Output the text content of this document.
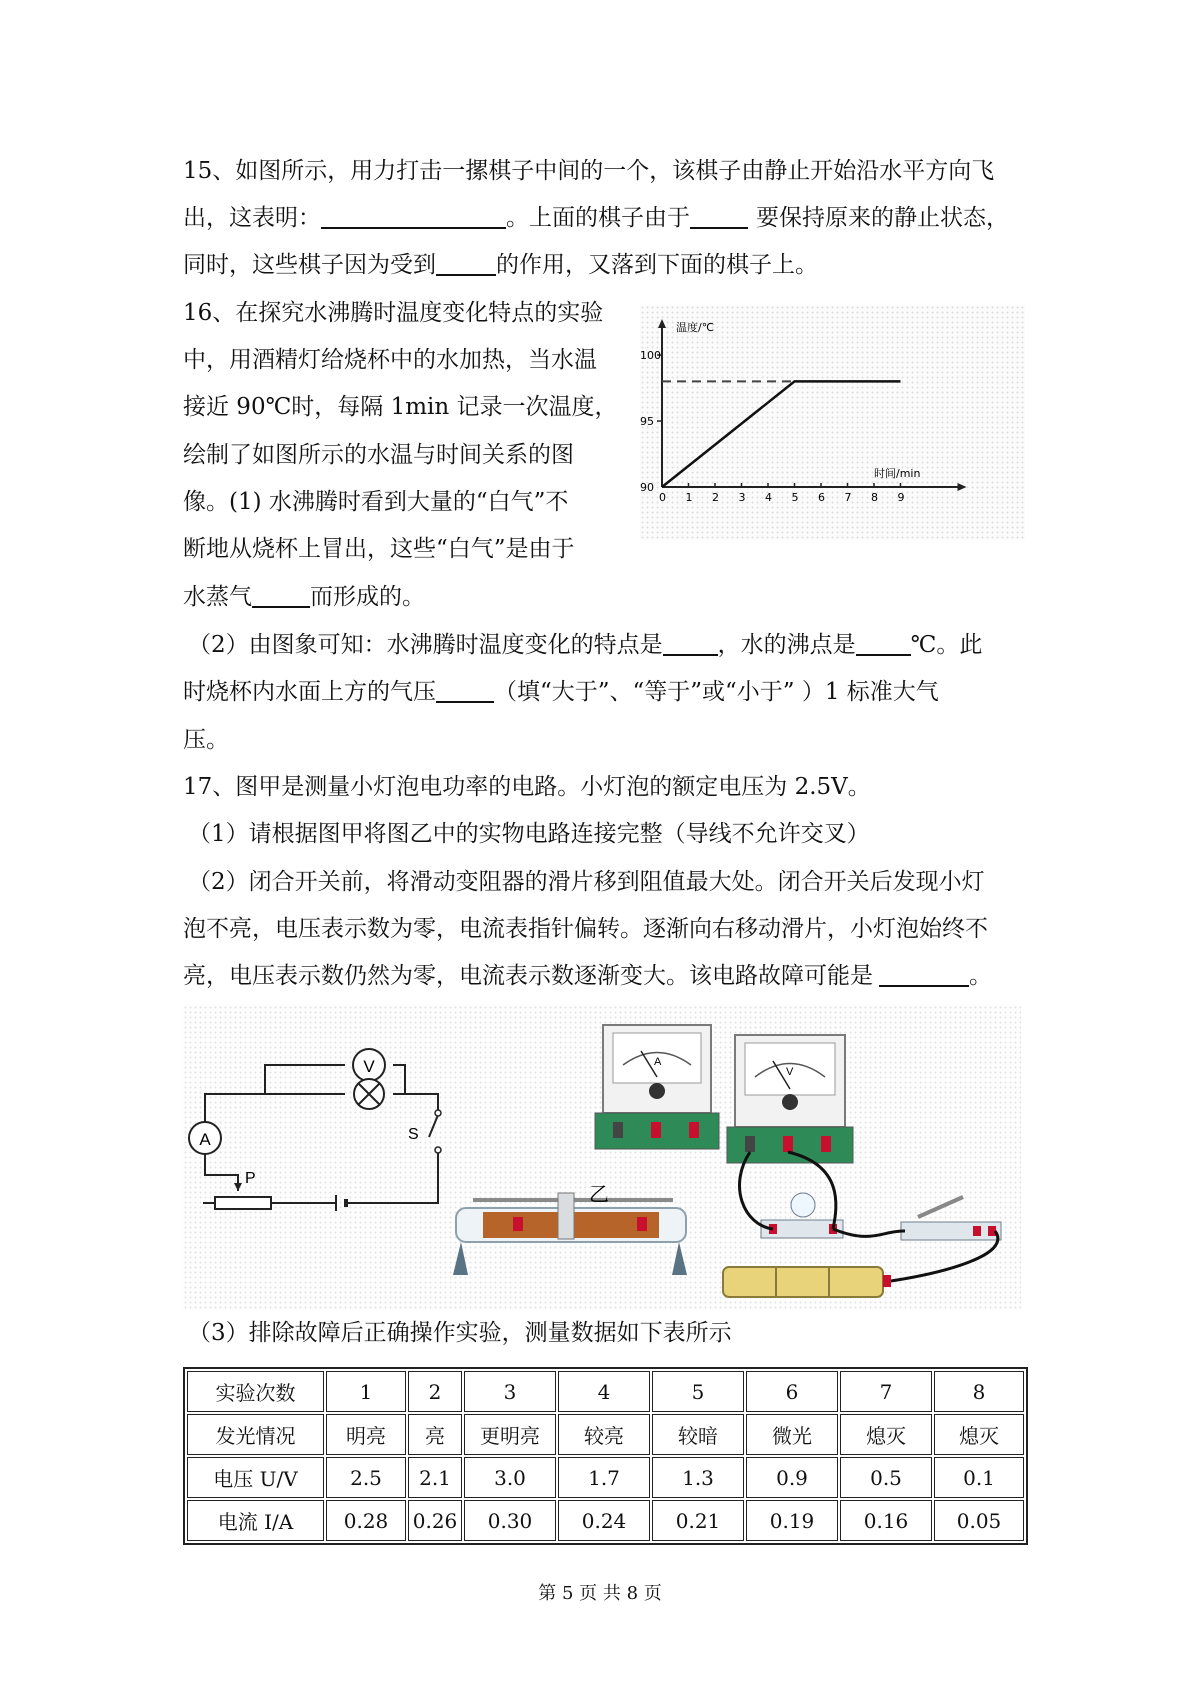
15、如图所示，用力打击一摞棋子中间的一个，该棋子由静止开始沿水平方向飞
出，这表明：	。上面的棋子由于	要保持原来的静止状态，
同时，这些棋子因为受到	的作用，又落到下面的棋子上。
16、在探究水沸腾时温度变化特点的实验
中，用酒精灯给烧杯中的水加热，当水温
接近 90℃时，每隔 1min 记录一次温度，
绘制了如图所示的水温与时间关系的图
像。(1) 水沸腾时看到大量的“白气”不
断地从烧杯上冒出，这些“白气”是由于
水蒸气	而形成的。
温度/℃
时间/min
0 1 2 3 4 5 6 7 8 9
90
95
100
（2）由图象可知：水沸腾时温度变化的特点是 ，水的沸点是 ℃。此
时烧杯内水面上方的气压	（填“大于”、“等于”或“小于” ）1 标准大气
压。
17、图甲是测量小灯泡电功率的电路。小灯泡的额定电压为 2.5V。
（1）请根据图甲将图乙中的实物电路连接完整（导线不允许交叉）
（2）闭合开关前，将滑动变阻器的滑片移到阻值最大处。闭合开关后发现小灯
泡不亮，电压表示数为零，电流表指针偏转。逐渐向右移动滑片，小灯泡始终不
亮，电压表示数仍然为零，电流表示数逐渐变大。该电路故障可能是	。
V
A	S
P
乙
A
V
（3）排除故障后正确操作实验，测量数据如下表所示
实验次数	1	2	3	4	5	6	7	8
发光情况	明亮	亮	更明亮	较亮	较暗	微光	熄灭	熄灭
电压 U/V	2.5	2.1	3.0	1.7	1.3	0.9	0.5	0.1
电流 I/A	0.28	0.26	0.30	0.24	0.21	0.19	0.16	0.05
第 5 页 共 8 页
